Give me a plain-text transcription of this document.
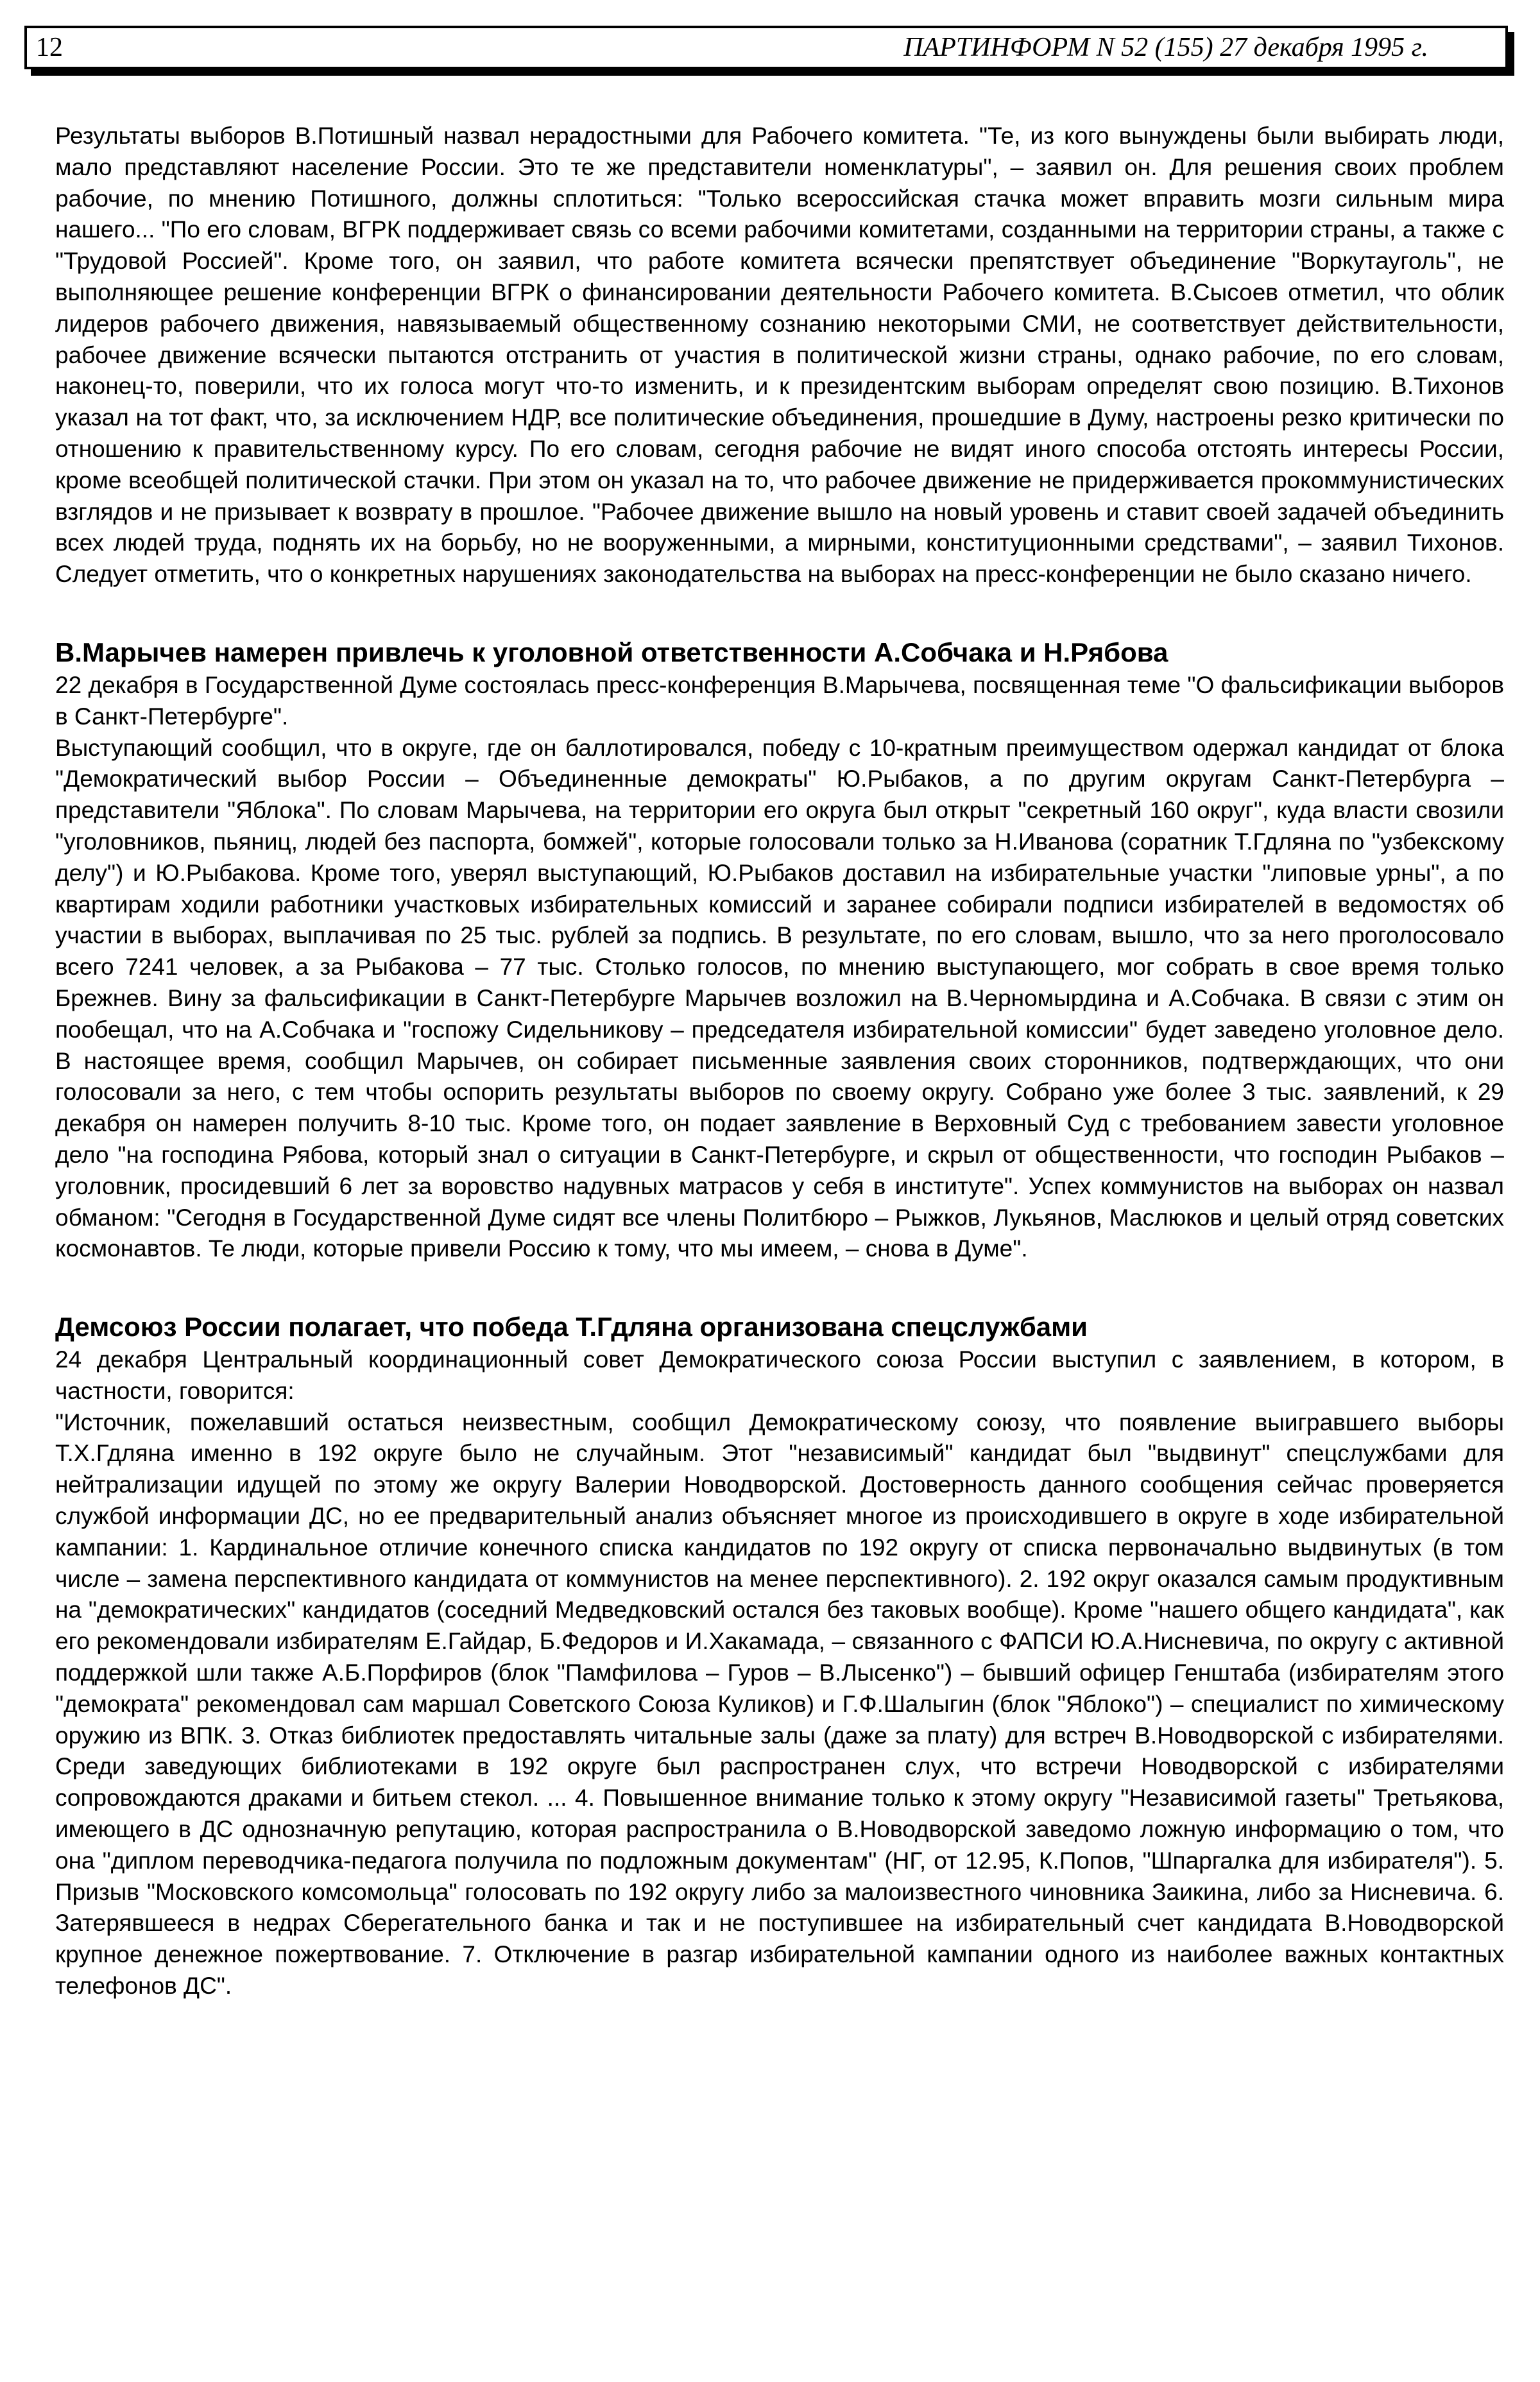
12	ПАРТИНФОРМ N 52 (155) 27 декабря 1995 г.

Результаты выборов В.Потишный назвал нерадостными для Рабочего комитета. "Те, из кого вынуждены были выбирать люди, мало представляют население России. Это те же представители номенклатуры", – заявил он. Для решения своих проблем рабочие, по мнению Потишного, должны сплотиться: "Только всероссийская стачка может вправить мозги сильным мира нашего... "По его словам, ВГРК поддерживает связь со всеми рабочими комитетами, созданными на территории страны, а также с "Трудовой Россией". Кроме того, он заявил, что работе комитета всячески препятствует объединение "Воркутауголь", не выполняющее решение конференции ВГРК о финансировании деятельности Рабочего комитета. В.Сысоев отметил, что облик лидеров рабочего движения, навязываемый общественному сознанию некоторыми СМИ, не соответствует действительности, рабочее движение всячески пытаются отстранить от участия в политической жизни страны, однако рабочие, по его словам, наконец-то, поверили, что их голоса могут что-то изменить, и к президентским выборам определят свою позицию. В.Тихонов указал на тот факт, что, за исключением НДР, все политические объединения, прошедшие в Думу, настроены резко критически по отношению к правительственному курсу. По его словам, сегодня рабочие не видят иного способа отстоять интересы России, кроме всеобщей политической стачки. При этом он указал на то, что рабочее движение не придерживается прокоммунистических взглядов и не призывает к возврату в прошлое. "Рабочее движение вышло на новый уровень и ставит своей задачей объединить всех людей труда, поднять их на борьбу, но не вооруженными, а мирными, конституционными средствами", – заявил Тихонов. Следует отметить, что о конкретных нарушениях законодательства на выборах на пресс-конференции не было сказано ничего.

В.Марычев намерен привлечь к уголовной ответственности А.Собчака и Н.Рябова

22 декабря в Государственной Думе состоялась пресс-конференция В.Марычева, посвященная теме "О фальсификации выборов в Санкт-Петербурге".

Выступающий сообщил, что в округе, где он баллотировался, победу с 10-кратным преимуществом одержал кандидат от блока "Демократический выбор России – Объединенные демократы" Ю.Рыбаков, а по другим округам Санкт-Петербурга – представители "Яблока". По словам Марычева, на территории его округа был открыт "секретный 160 округ", куда власти свозили "уголовников, пьяниц, людей без паспорта, бомжей", которые голосовали только за Н.Иванова (соратник Т.Гдляна по "узбекскому делу") и Ю.Рыбакова. Кроме того, уверял выступающий, Ю.Рыбаков доставил на избирательные участки "липовые урны", а по квартирам ходили работники участковых избирательных комиссий и заранее собирали подписи избирателей в ведомостях об участии в выборах, выплачивая по 25 тыс. рублей за подпись. В результате, по его словам, вышло, что за него проголосовало всего 7241 человек, а за Рыбакова – 77 тыс. Столько голосов, по мнению выступающего, мог собрать в свое время только Брежнев. Вину за фальсификации в Санкт-Петербурге Марычев возложил на В.Черномырдина и А.Собчака. В связи с этим он пообещал, что на А.Собчака и "госпожу Сидельникову – председателя избирательной комиссии" будет заведено уголовное дело. В настоящее время, сообщил Марычев, он собирает письменные заявления своих сторонников, подтверждающих, что они голосовали за него, с тем чтобы оспорить результаты выборов по своему округу. Собрано уже более 3 тыс. заявлений, к 29 декабря он намерен получить 8-10 тыс. Кроме того, он подает заявление в Верховный Суд с требованием завести уголовное дело "на господина Рябова, который знал о ситуации в Санкт-Петербурге, и скрыл от общественности, что господин Рыбаков – уголовник, просидевший 6 лет за воровство надувных матрасов у себя в институте". Успех коммунистов на выборах он назвал обманом: "Сегодня в Государственной Думе сидят все члены Политбюро – Рыжков, Лукьянов, Маслюков и целый отряд советских космонавтов. Те люди, которые привели Россию к тому, что мы имеем, – снова в Думе".

Демсоюз России полагает, что победа Т.Гдляна организована спецслужбами

24 декабря Центральный координационный совет Демократического союза России выступил с заявлением, в котором, в частности, говорится:

"Источник, пожелавший остаться неизвестным, сообщил Демократическому союзу, что появление выигравшего выборы Т.Х.Гдляна именно в 192 округе было не случайным. Этот "независимый" кандидат был "выдвинут" спецслужбами для нейтрализации идущей по этому же округу Валерии Новодворской. Достоверность данного сообщения сейчас проверяется службой информации ДС, но ее предварительный анализ объясняет многое из происходившего в округе в ходе избирательной кампании: 1. Кардинальное отличие конечного списка кандидатов по 192 округу от списка первоначально выдвинутых (в том числе – замена перспективного кандидата от коммунистов на менее перспективного). 2. 192 округ оказался самым продуктивным на "демократических" кандидатов (соседний Медведковский остался без таковых вообще). Кроме "нашего общего кандидата", как его рекомендовали избирателям Е.Гайдар, Б.Федоров и И.Хакамада, – связанного с ФАПСИ Ю.А.Нисневича, по округу с активной поддержкой шли также А.Б.Порфиров (блок "Памфилова – Гуров – В.Лысенко") – бывший офицер Генштаба (избирателям этого "демократа" рекомендовал сам маршал Советского Союза Куликов) и Г.Ф.Шалыгин (блок "Яблоко") – специалист по химическому оружию из ВПК. 3. Отказ библиотек предоставлять читальные залы (даже за плату) для встреч В.Новодворской с избирателями. Среди заведующих библиотеками в 192 округе был распространен слух, что встречи Новодворской с избирателями сопровождаются драками и битьем стекол. ... 4. Повышенное внимание только к этому округу "Независимой газеты" Третьякова, имеющего в ДС однозначную репутацию, которая распространила о В.Новодворской заведомо ложную информацию о том, что она "диплом переводчика-педагога получила по подложным документам" (НГ, от 12.95, К.Попов, "Шпаргалка для избирателя"). 5. Призыв "Московского комсомольца" голосовать по 192 округу либо за малоизвестного чиновника Заикина, либо за Нисневича. 6. Затерявшееся в недрах Сберегательного банка и так и не поступившее на избирательный счет кандидата В.Новодворской крупное денежное пожертвование. 7. Отключение в разгар избирательной кампании одного из наиболее важных контактных телефонов ДС".
